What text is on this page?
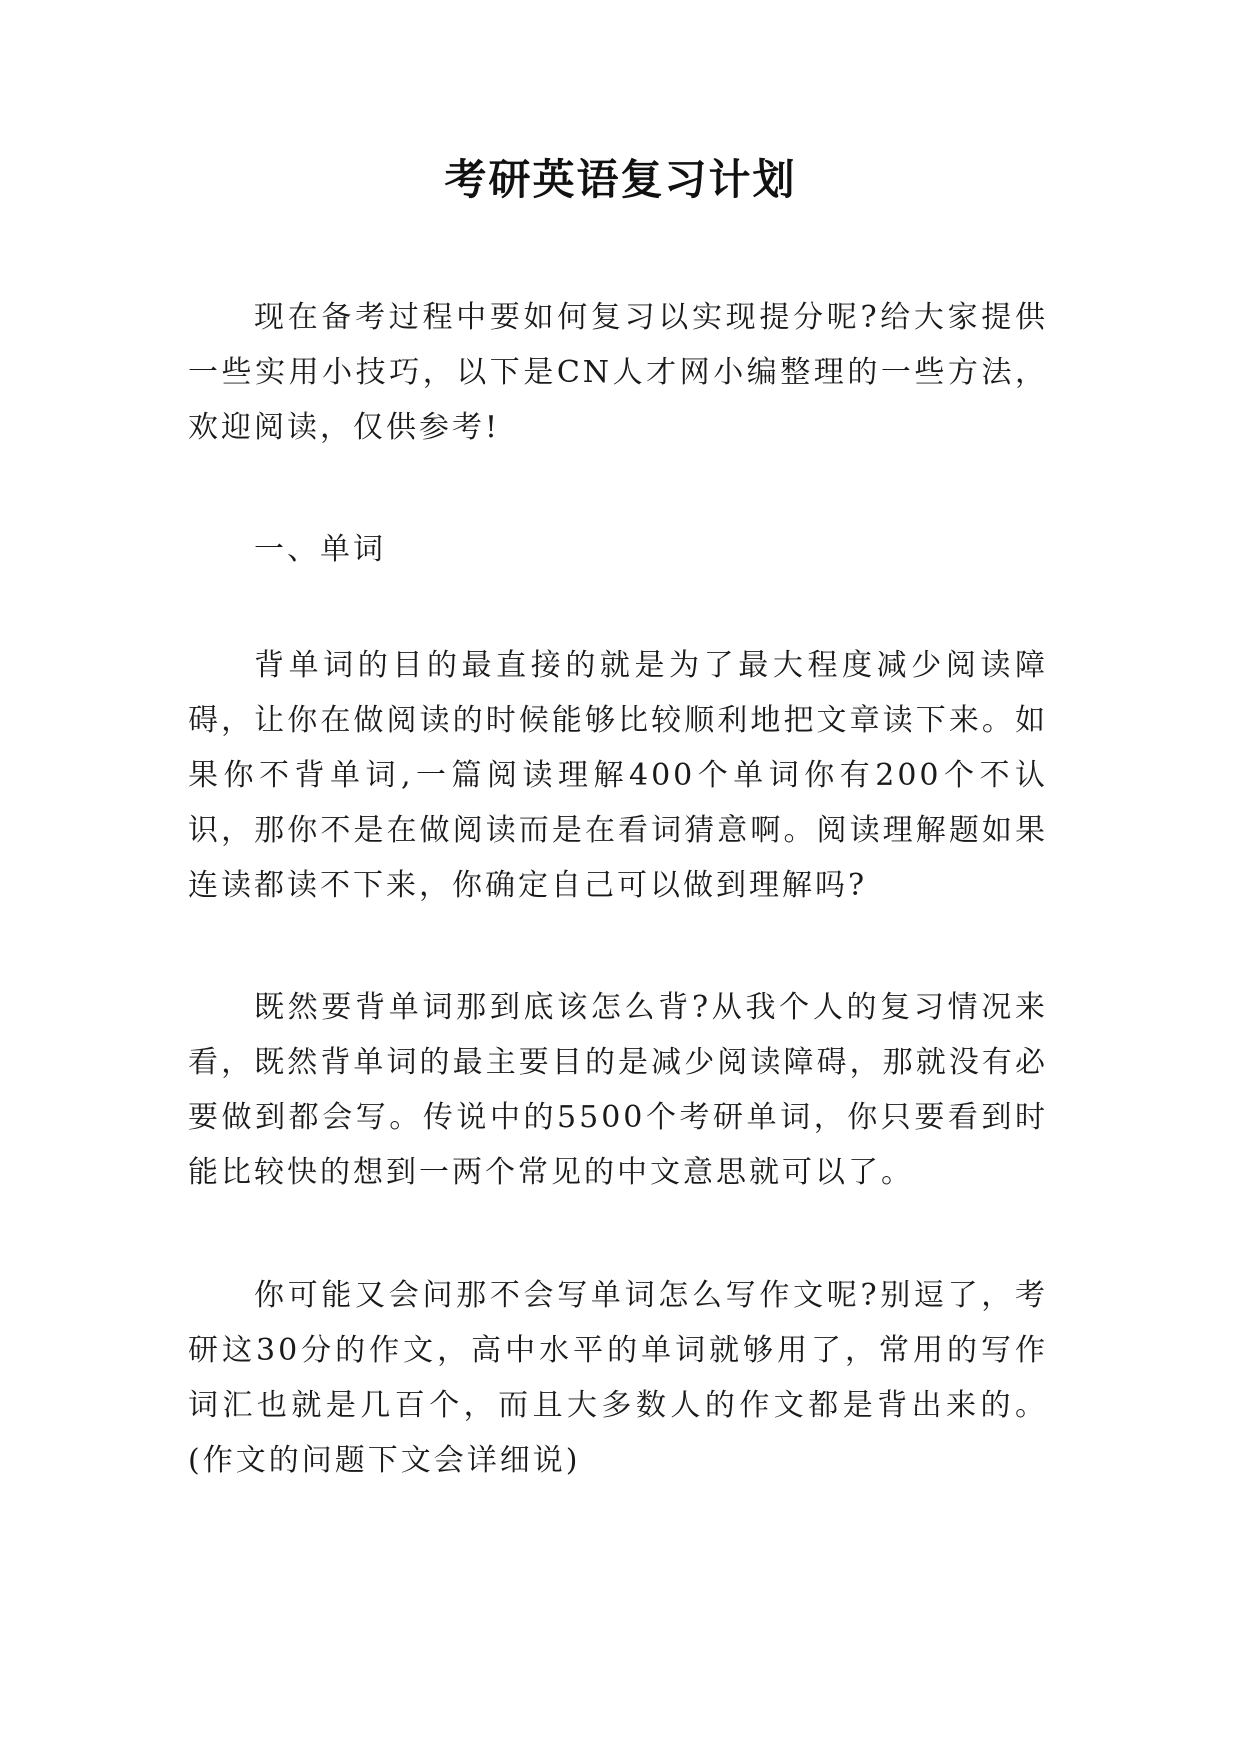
考研英语复习计划

现在备考过程中要如何复习以实现提分呢?给大家提供一些实用小技巧，以下是CN人才网小编整理的一些方法，欢迎阅读，仅供参考!

一、单词

背单词的目的最直接的就是为了最大程度减少阅读障碍，让你在做阅读的时候能够比较顺利地把文章读下来。如果你不背单词,一篇阅读理解400个单词你有200个不认识，那你不是在做阅读而是在看词猜意啊。阅读理解题如果连读都读不下来，你确定自己可以做到理解吗?

既然要背单词那到底该怎么背?从我个人的复习情况来看，既然背单词的最主要目的是减少阅读障碍，那就没有必要做到都会写。传说中的5500个考研单词，你只要看到时能比较快的想到一两个常见的中文意思就可以了。

你可能又会问那不会写单词怎么写作文呢?别逗了，考研这30分的作文，高中水平的单词就够用了，常用的写作词汇也就是几百个，而且大多数人的作文都是背出来的。(作文的问题下文会详细说)
